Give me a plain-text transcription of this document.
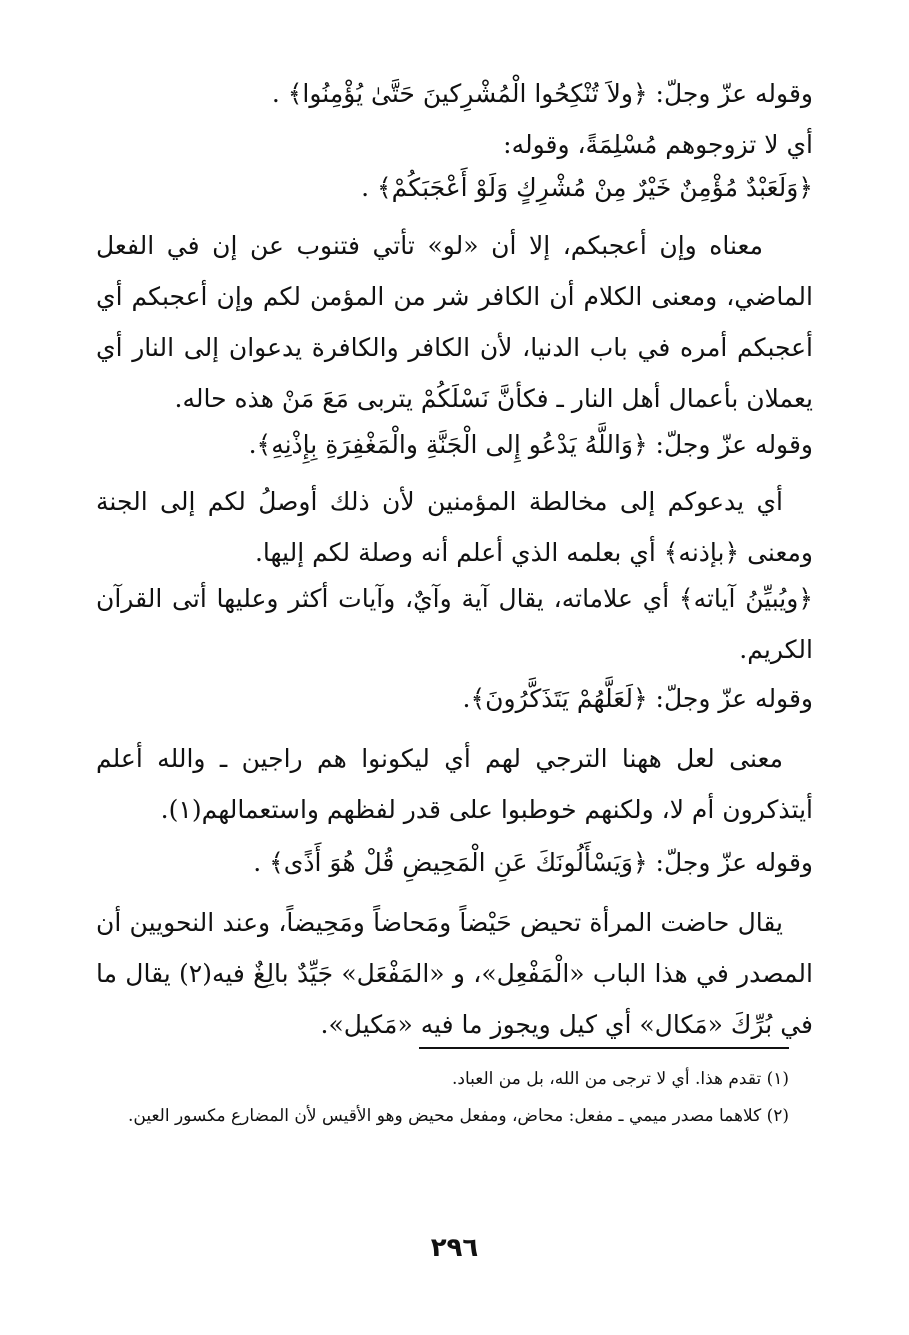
وقوله عزّ وجلّ: ﴿ولاَ تُنْكِحُوا الْمُشْرِكينَ حَتَّىٰ يُؤْمِنُوا﴾ .

أي لا تزوجوهم مُسْلِمَةً، وقوله:

﴿وَلَعَبْدٌ مُؤْمِنٌ خَيْرٌ مِنْ مُشْرِكٍ وَلَوْ أَعْجَبَكُمْ﴾ .

معناه وإن أعجبكم، إلا أن «لو» تأتي فتنوب عن إن في الفعل الماضي، ومعنى الكلام أن الكافر شر من المؤمن لكم وإن أعجبكم أي أعجبكم أمره في باب الدنيا، لأن الكافر والكافرة يدعوان إلى النار أي يعملان بأعمال أهل النار ـ فكأنَّ نَسْلَكُمْ يتربى مَعَ مَنْ هذه حاله.

وقوله عزّ وجلّ: ﴿وَاللَّهُ يَدْعُو إِلى الْجَنَّةِ والْمَغْفِرَةِ بِإِذْنِهِ﴾.

أي يدعوكم إلى مخالطة المؤمنين لأن ذلك أوصلُ لكم إلى الجنة ومعنى ﴿بإذنه﴾ أي بعلمه الذي أعلم أنه وصلة لكم إليها.

﴿ويُبيِّنُ آياته﴾ أي علاماته، يقال آية وآيٌ، وآيات أكثر وعليها أتى القرآن الكريم.

وقوله عزّ وجلّ: ﴿لَعَلَّهُمْ يَتَذَكَّرُونَ﴾.

معنى لعل ههنا الترجي لهم أي ليكونوا هم راجين ـ والله أعلم أيتذكرون أم لا، ولكنهم خوطبوا على قدر لفظهم واستعمالهم(١).

وقوله عزّ وجلّ: ﴿وَيَسْأَلُونَكَ عَنِ الْمَحِيضِ قُلْ هُوَ أَذًى﴾ .

يقال حاضت المرأة تحيض حَيْضاً ومَحاضاً ومَحِيضاً، وعند النحويين أن المصدر في هذا الباب «الْمَفْعِل»، و «المَفْعَل» جَيِّدٌ بالِغٌ فيه(٢) يقال ما في بُرِّكَ «مَكال» أي كيل ويجوز ما فيه «مَكيل».

(١) تقدم هذا. أي لا ترجى من الله، بل من العباد.

(٢) كلاهما مصدر ميمي ـ مفعل: محاض، ومفعل محيض وهو الأقيس لأن المضارع مكسور العين.

٢٩٦
